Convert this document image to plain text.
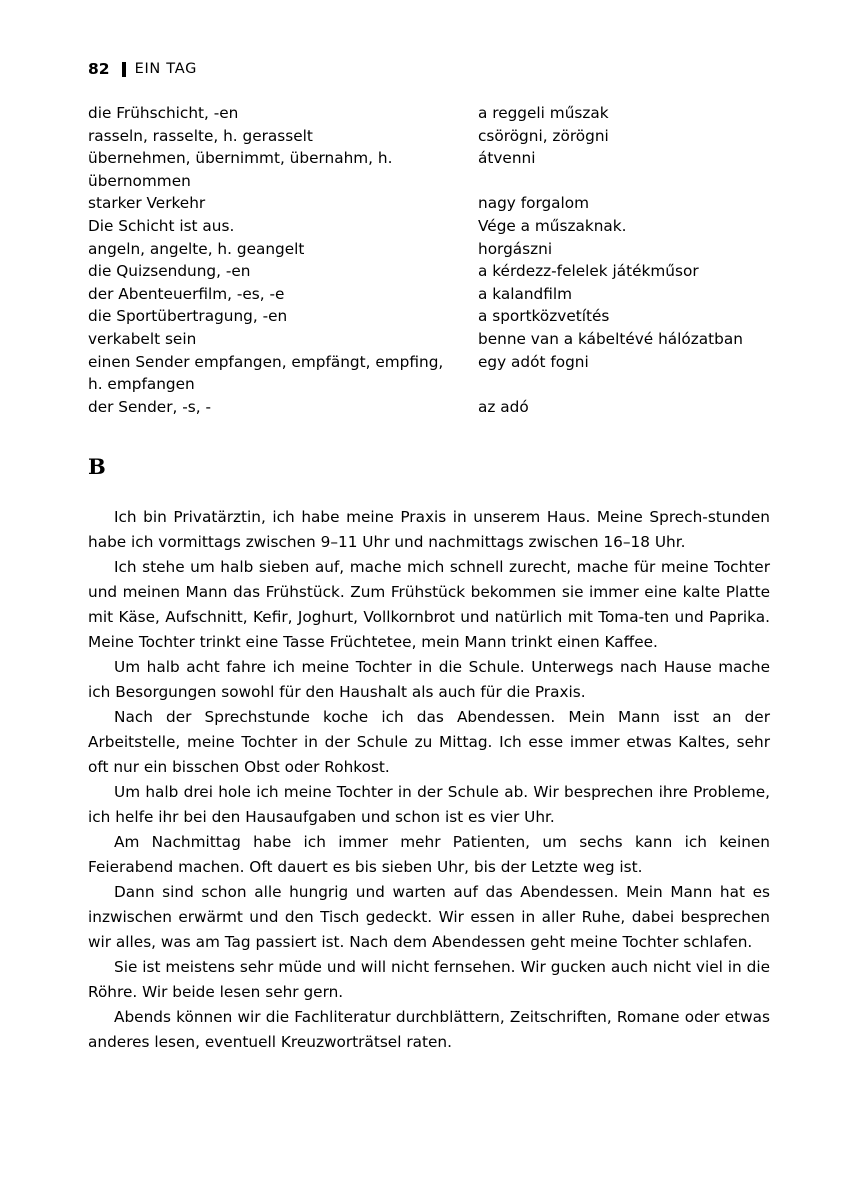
82 EIN TAG
die Frühschicht, -en	a reggeli műszak
rasseln, rasselte, h. gerasselt	csörögni, zörögni
übernehmen, übernimmt, übernahm, h.	átvenni
übernommen
starker Verkehr	nagy forgalom
Die Schicht ist aus.	Vége a műszaknak.
angeln, angelte, h. geangelt	horgászni
die Quizsendung, -en	a kérdezz-felelek játékműsor
der Abenteuerfilm, -es, -e	a kalandfilm
die Sportübertragung, -en	a sportközvetítés
verkabelt sein	benne van a kábeltévé hálózatban
einen Sender empfangen, empfängt, empfing,	egy adót fogni
h. empfangen
der Sender, -s, -	az adó
B

Ich bin Privatärztin, ich habe meine Praxis in unserem Haus. Meine Sprech-stunden habe ich vormittags zwischen 9–11 Uhr und nachmittags zwischen 16–18 Uhr.

Ich stehe um halb sieben auf, mache mich schnell zurecht, mache für meine Tochter und meinen Mann das Frühstück. Zum Frühstück bekommen sie immer eine kalte Platte mit Käse, Aufschnitt, Kefir, Joghurt, Vollkornbrot und natürlich mit Toma-ten und Paprika. Meine Tochter trinkt eine Tasse Früchtetee, mein Mann trinkt einen Kaffee.

Um halb acht fahre ich meine Tochter in die Schule. Unterwegs nach Hause mache ich Besorgungen sowohl für den Haushalt als auch für die Praxis.

Nach der Sprechstunde koche ich das Abendessen. Mein Mann isst an der Arbeitstelle, meine Tochter in der Schule zu Mittag. Ich esse immer etwas Kaltes, sehr oft nur ein bisschen Obst oder Rohkost.

Um halb drei hole ich meine Tochter in der Schule ab. Wir besprechen ihre Probleme, ich helfe ihr bei den Hausaufgaben und schon ist es vier Uhr.

Am Nachmittag habe ich immer mehr Patienten, um sechs kann ich keinen Feierabend machen. Oft dauert es bis sieben Uhr, bis der Letzte weg ist.

Dann sind schon alle hungrig und warten auf das Abendessen. Mein Mann hat es inzwischen erwärmt und den Tisch gedeckt. Wir essen in aller Ruhe, dabei besprechen wir alles, was am Tag passiert ist. Nach dem Abendessen geht meine Tochter schlafen.

Sie ist meistens sehr müde und will nicht fernsehen. Wir gucken auch nicht viel in die Röhre. Wir beide lesen sehr gern.

Abends können wir die Fachliteratur durchblättern, Zeitschriften, Romane oder etwas anderes lesen, eventuell Kreuzworträtsel raten.
